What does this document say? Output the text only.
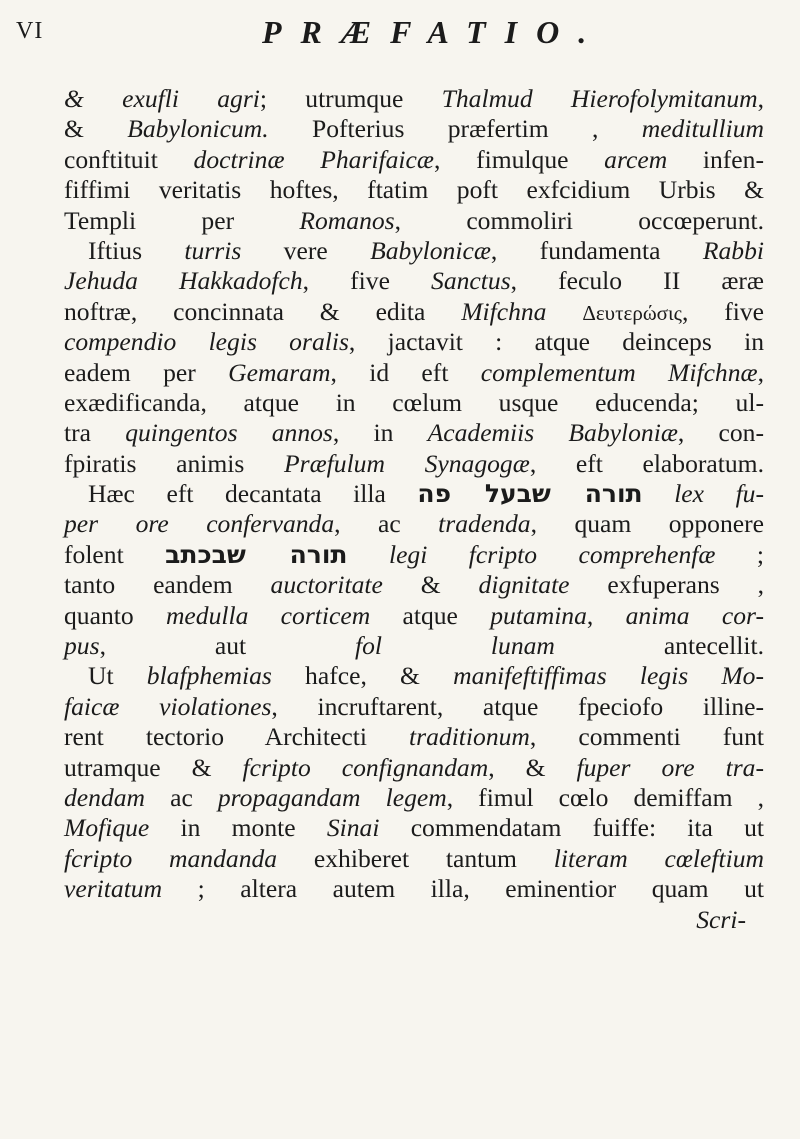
VI	PRÆFATIO.
& exufli agri; utrumque Thalmud Hierofolymitanum,
& Babylonicum. Pofterius præfertim , meditullium
conftituit doctrinæ Pharifaicæ, fimulque arcem infen-
fiffimi veritatis hoftes, ftatim poft exfcidium Urbis &
Templi per Romanos, commoliri occœperunt.
Iftius turris vere Babylonicæ, fundamenta Rabbi
Jehuda Hakkadofch, five Sanctus, feculo II æræ
noftræ, concinnata & edita Mifchna Δευτερώσις, five
compendio legis oralis, jactavit : atque deinceps in
eadem per Gemaram, id eft complementum Mifchnæ,
exædificanda, atque in cœlum usque educenda; ul-
tra quingentos annos, in Academiis Babyloniæ, con-
fpiratis animis Præfulum Synagogæ, eft elaboratum.
Hæc eft decantata illa תורה שבעל פה lex fu-
per ore confervanda, ac tradenda, quam opponere
folent תורה שבכתב legi fcripto comprehenfæ ;
tanto eandem auctoritate & dignitate exfuperans ,
quanto medulla corticem atque putamina, anima cor-
pus, aut fol lunam antecellit.
Ut blafphemias hafce, & manifeftiffimas legis Mo-
faicæ violationes, incruftarent, atque fpeciofo illine-
rent tectorio Architecti traditionum, commenti funt
utramque & fcripto confignandam, & fuper ore tra-
dendam ac propagandam legem, fimul cœlo demiffam ,
Mofique in monte Sinai commendatam fuiffe: ita ut
fcripto mandanda exhiberet tantum literam cœleftium
veritatum ; altera autem illa, eminentior quam ut
Scri-
